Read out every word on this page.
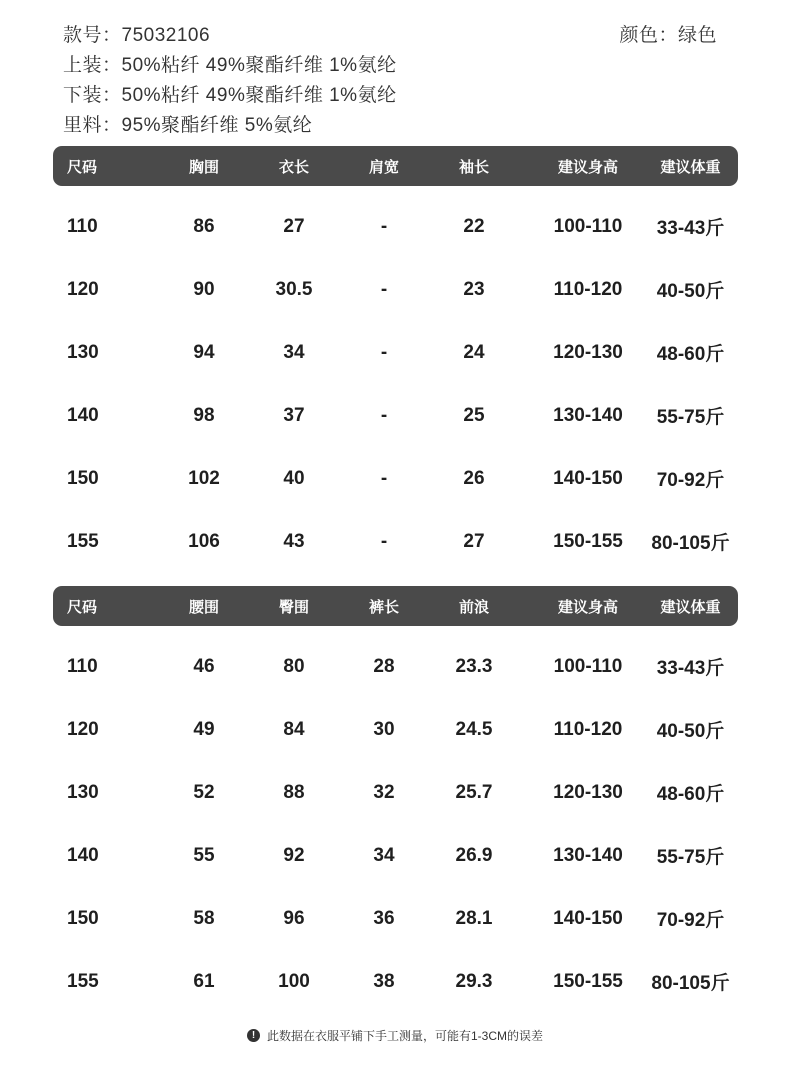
款号：75032106	颜色：绿色
上装：50%粘纤 49%聚酯纤维 1%氨纶
下装：50%粘纤 49%聚酯纤维 1%氨纶
里料：95%聚酯纤维 5%氨纶
尺码	胸围	衣长	肩宽	袖长	建议身高	建议体重
110	86	27	-	22	100-110	33-43斤
120	90	30.5	-	23	110-120	40-50斤
130	94	34	-	24	120-130	48-60斤
140	98	37	-	25	130-140	55-75斤
150	102	40	-	26	140-150	70-92斤
155	106	43	-	27	150-155	80-105斤
尺码	腰围	臀围	裤长	前浪	建议身高	建议体重
110	46	80	28	23.3	100-110	33-43斤
120	49	84	30	24.5	110-120	40-50斤
130	52	88	32	25.7	120-130	48-60斤
140	55	92	34	26.9	130-140	55-75斤
150	58	96	36	28.1	140-150	70-92斤
155	61	100	38	29.3	150-155	80-105斤
! 此数据在衣服平铺下手工测量，可能有1-3CM的误差
